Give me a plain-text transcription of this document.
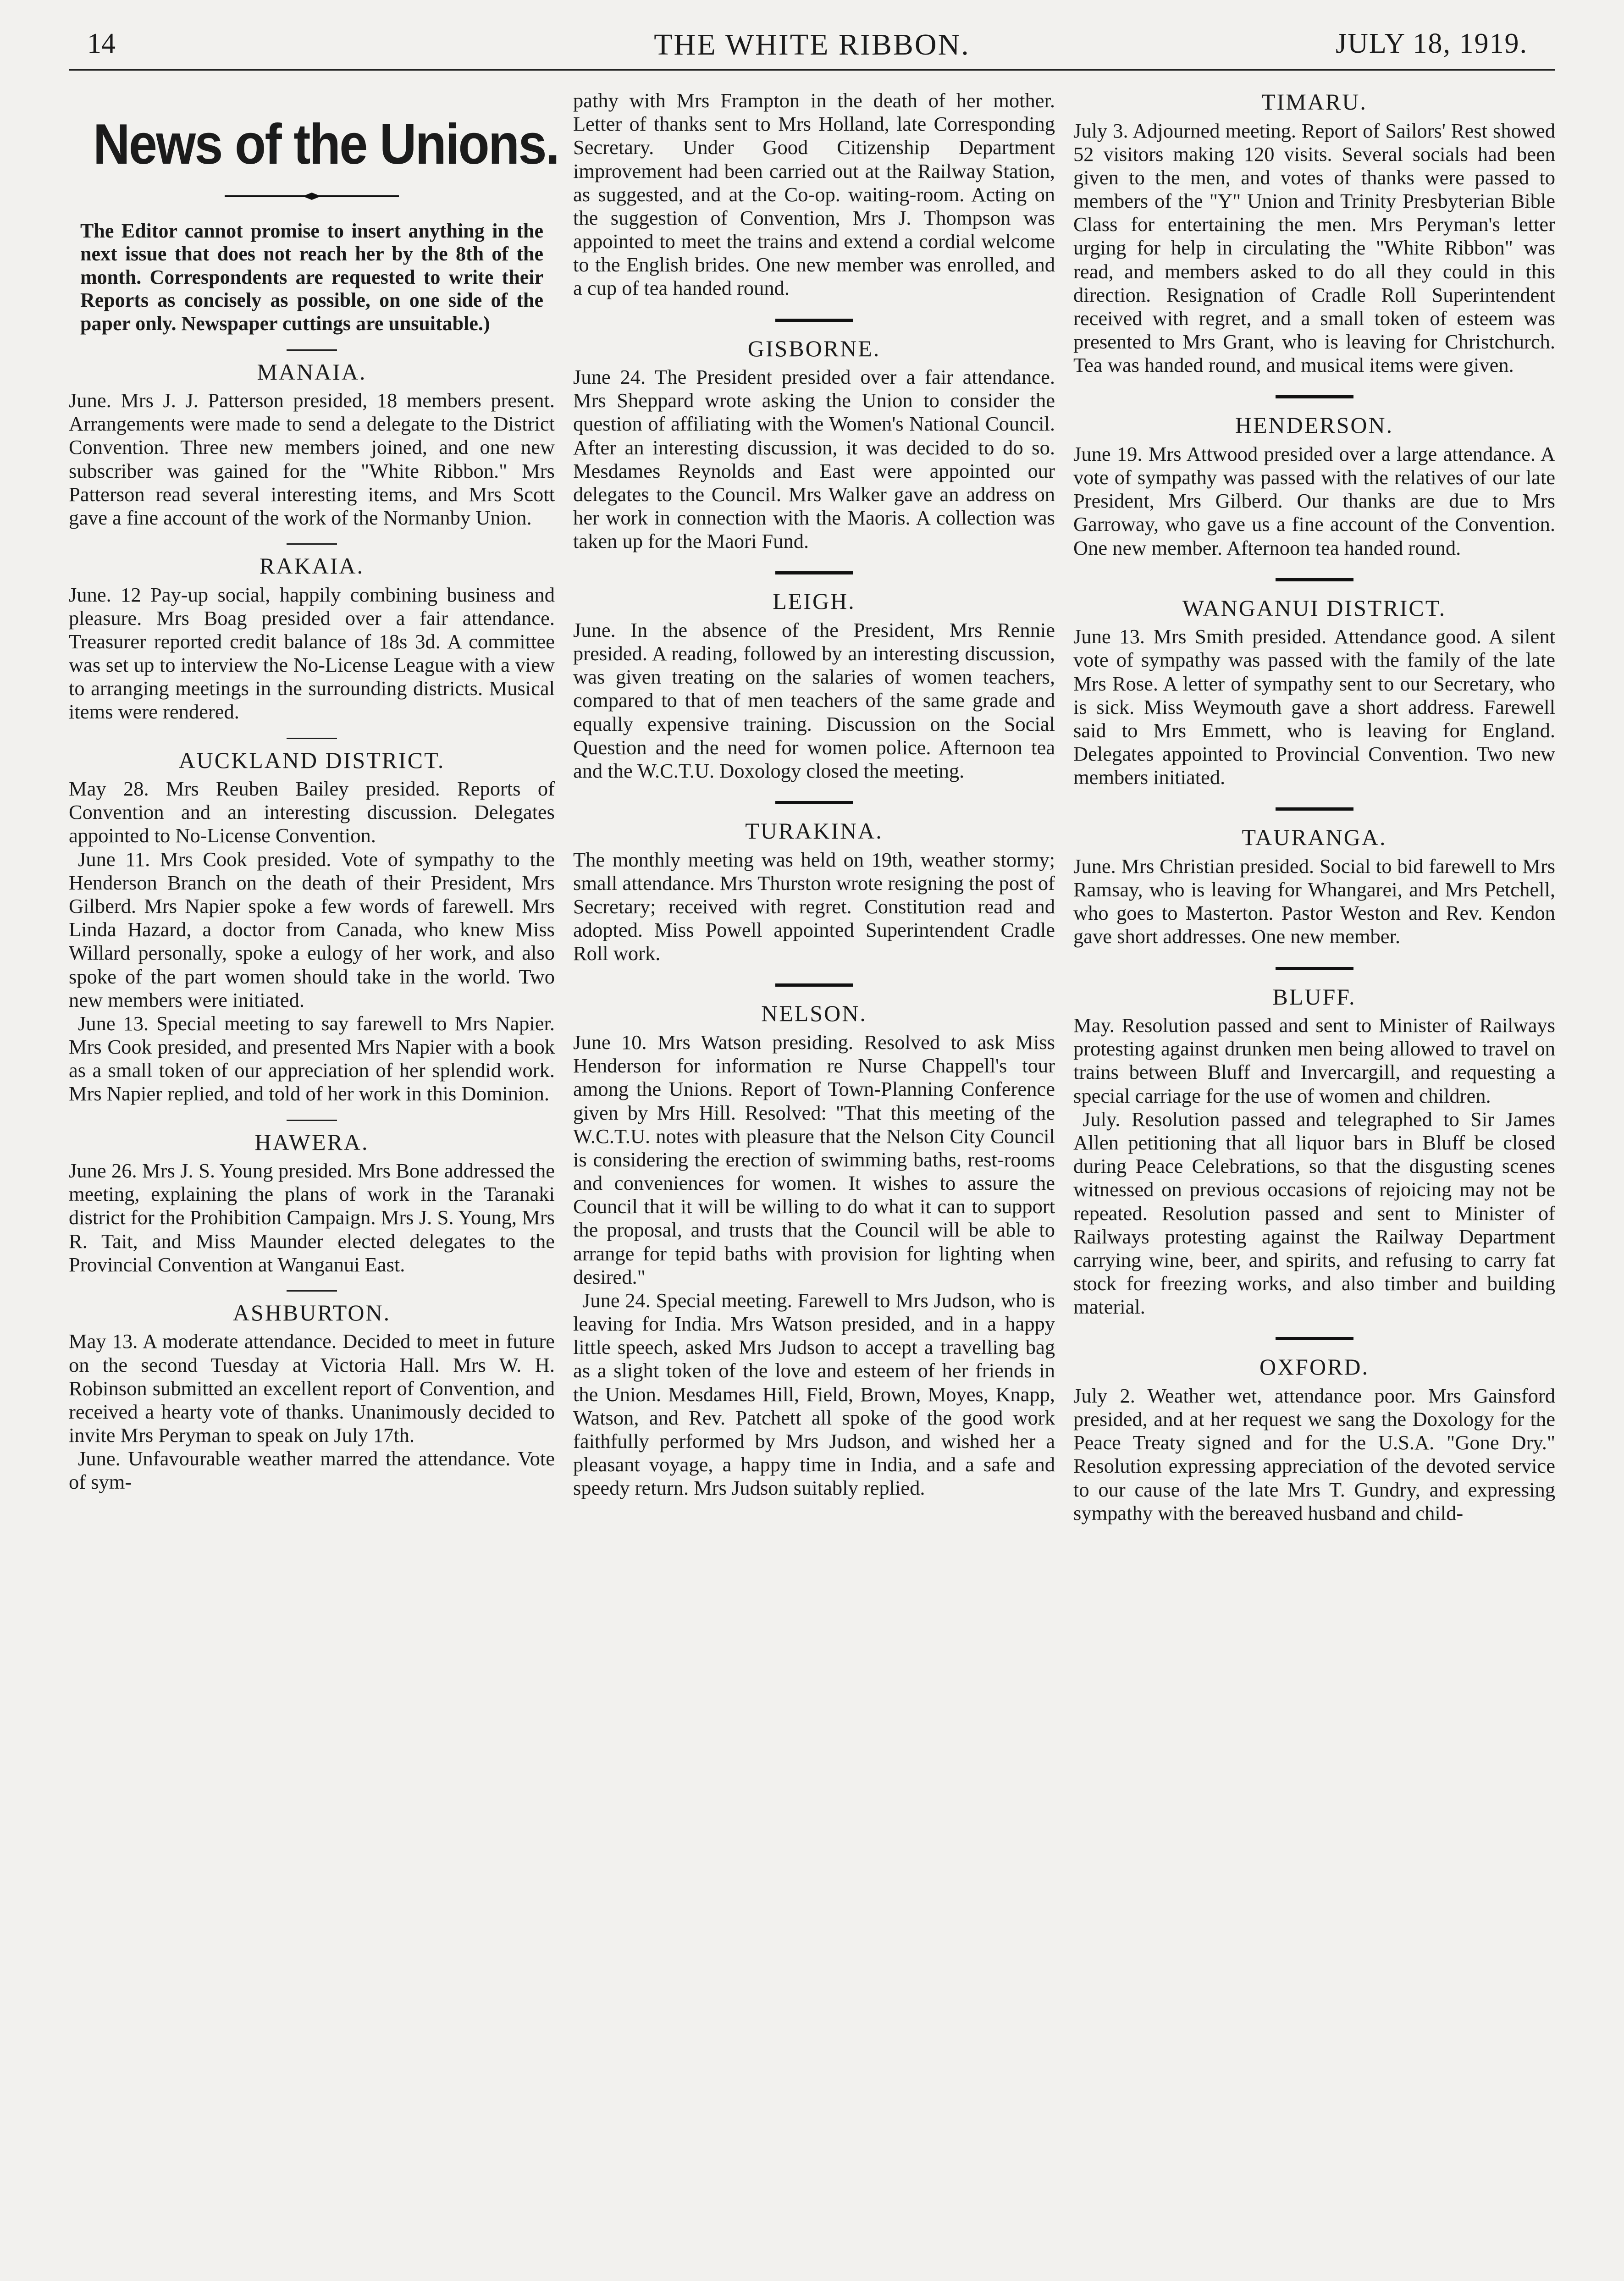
14	THE WHITE RIBBON.	JULY 18, 1919.
News of the Unions.
The Editor cannot promise to insert anything in the next issue that does not reach her by the 8th of the month. Correspondents are requested to write their Reports as concisely as possible, on one side of the paper only. Newspaper cuttings are unsuitable.)
MANAIA.

June. Mrs J. J. Patterson presided, 18 members present. Arrangements were made to send a delegate to the District Convention. Three new members joined, and one new subscriber was gained for the "White Ribbon." Mrs Patterson read several interesting items, and Mrs Scott gave a fine account of the work of the Normanby Union.

RAKAIA.

June. 12 Pay-up social, happily combining business and pleasure. Mrs Boag presided over a fair attendance. Treasurer reported credit balance of 18s 3d. A committee was set up to interview the No-License League with a view to arranging meetings in the surrounding districts. Musical items were rendered.

AUCKLAND DISTRICT.

May 28. Mrs Reuben Bailey presided. Reports of Convention and an interesting discussion. Delegates appointed to No-License Convention.

June 11. Mrs Cook presided. Vote of sympathy to the Henderson Branch on the death of their President, Mrs Gilberd. Mrs Napier spoke a few words of farewell. Mrs Linda Hazard, a doctor from Canada, who knew Miss Willard personally, spoke a eulogy of her work, and also spoke of the part women should take in the world. Two new members were initiated.

June 13. Special meeting to say farewell to Mrs Napier. Mrs Cook presided, and presented Mrs Napier with a book as a small token of our appreciation of her splendid work. Mrs Napier replied, and told of her work in this Dominion.

HAWERA.

June 26. Mrs J. S. Young presided. Mrs Bone addressed the meeting, explaining the plans of work in the Taranaki district for the Prohibition Campaign. Mrs J. S. Young, Mrs R. Tait, and Miss Maunder elected delegates to the Provincial Convention at Wanganui East.

ASHBURTON.

May 13. A moderate attendance. Decided to meet in future on the second Tuesday at Victoria Hall. Mrs W. H. Robinson submitted an excellent report of Convention, and received a hearty vote of thanks. Unanimously decided to invite Mrs Peryman to speak on July 17th.

June. Unfavourable weather marred the attendance. Vote of sym-

pathy with Mrs Frampton in the death of her mother. Letter of thanks sent to Mrs Holland, late Corresponding Secretary. Under Good Citizenship Department improvement had been carried out at the Railway Station, as suggested, and at the Co-op. waiting-room. Acting on the suggestion of Convention, Mrs J. Thompson was appointed to meet the trains and extend a cordial welcome to the English brides. One new member was enrolled, and a cup of tea handed round.

GISBORNE.

June 24. The President presided over a fair attendance. Mrs Sheppard wrote asking the Union to consider the question of affiliating with the Women's National Council. After an interesting discussion, it was decided to do so. Mesdames Reynolds and East were appointed our delegates to the Council. Mrs Walker gave an address on her work in connection with the Maoris. A collection was taken up for the Maori Fund.

LEIGH.

June. In the absence of the President, Mrs Rennie presided. A reading, followed by an interesting discussion, was given treating on the salaries of women teachers, compared to that of men teachers of the same grade and equally expensive training. Discussion on the Social Question and the need for women police. Afternoon tea and the W.C.T.U. Doxology closed the meeting.

TURAKINA.

The monthly meeting was held on 19th, weather stormy; small attendance. Mrs Thurston wrote resigning the post of Secretary; received with regret. Constitution read and adopted. Miss Powell appointed Superintendent Cradle Roll work.

NELSON.

June 10. Mrs Watson presiding. Resolved to ask Miss Henderson for information re Nurse Chappell's tour among the Unions. Report of Town-Planning Conference given by Mrs Hill. Resolved: "That this meeting of the W.C.T.U. notes with pleasure that the Nelson City Council is considering the erection of swimming baths, rest-rooms and conveniences for women. It wishes to assure the Council that it will be willing to do what it can to support the proposal, and trusts that the Council will be able to arrange for tepid baths with provision for lighting when desired."

June 24. Special meeting. Farewell to Mrs Judson, who is leaving for India. Mrs Watson presided, and in a happy little speech, asked Mrs Judson to accept a travelling bag as a slight token of the love and esteem of her friends in the Union. Mesdames Hill, Field, Brown, Moyes, Knapp, Watson, and Rev. Patchett all spoke of the good work faithfully performed by Mrs Judson, and wished her a pleasant voyage, a happy time in India, and a safe and speedy return. Mrs Judson suitably replied.

TIMARU.

July 3. Adjourned meeting. Report of Sailors' Rest showed 52 visitors making 120 visits. Several socials had been given to the men, and votes of thanks were passed to members of the "Y" Union and Trinity Presbyterian Bible Class for entertaining the men. Mrs Peryman's letter urging for help in circulating the "White Ribbon" was read, and members asked to do all they could in this direction. Resignation of Cradle Roll Superintendent received with regret, and a small token of esteem was presented to Mrs Grant, who is leaving for Christchurch. Tea was handed round, and musical items were given.

HENDERSON.

June 19. Mrs Attwood presided over a large attendance. A vote of sympathy was passed with the relatives of our late President, Mrs Gilberd. Our thanks are due to Mrs Garroway, who gave us a fine account of the Convention. One new member. Afternoon tea handed round.

WANGANUI DISTRICT.

June 13. Mrs Smith presided. Attendance good. A silent vote of sympathy was passed with the family of the late Mrs Rose. A letter of sympathy sent to our Secretary, who is sick. Miss Weymouth gave a short address. Farewell said to Mrs Emmett, who is leaving for England. Delegates appointed to Provincial Convention. Two new members initiated.

TAURANGA.

June. Mrs Christian presided. Social to bid farewell to Mrs Ramsay, who is leaving for Whangarei, and Mrs Petchell, who goes to Masterton. Pastor Weston and Rev. Kendon gave short addresses. One new member.

BLUFF.

May. Resolution passed and sent to Minister of Railways protesting against drunken men being allowed to travel on trains between Bluff and Invercargill, and requesting a special carriage for the use of women and children.

July. Resolution passed and telegraphed to Sir James Allen petitioning that all liquor bars in Bluff be closed during Peace Celebrations, so that the disgusting scenes witnessed on previous occasions of rejoicing may not be repeated. Resolution passed and sent to Minister of Railways protesting against the Railway Department carrying wine, beer, and spirits, and refusing to carry fat stock for freezing works, and also timber and building material.

OXFORD.

July 2. Weather wet, attendance poor. Mrs Gainsford presided, and at her request we sang the Doxology for the Peace Treaty signed and for the U.S.A. "Gone Dry." Resolution expressing appreciation of the devoted service to our cause of the late Mrs T. Gundry, and expressing sympathy with the bereaved husband and child-
